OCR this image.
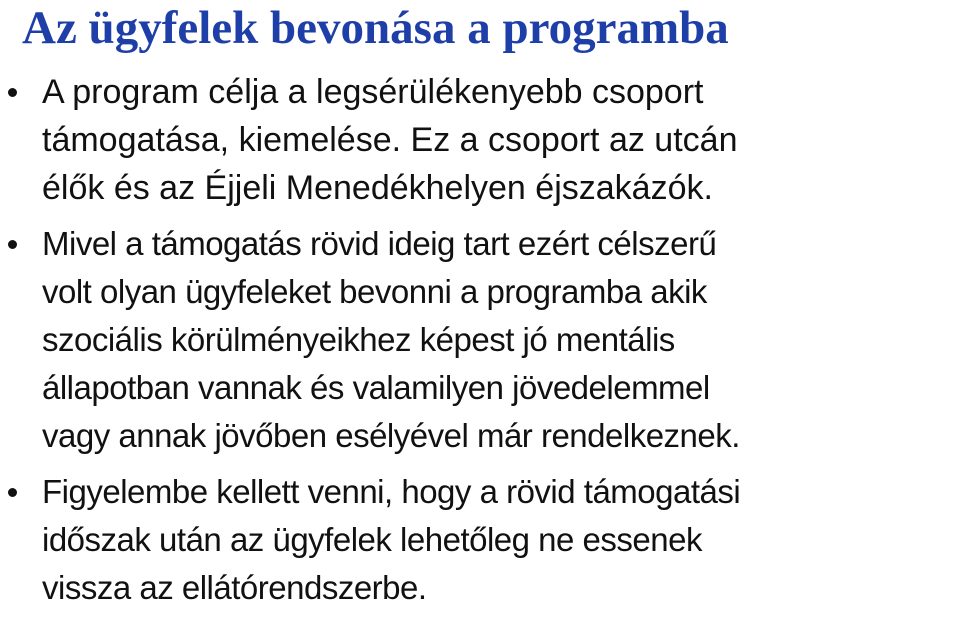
Az ügyfelek bevonása a programba
A program célja a legsérülékenyebb csoport
támogatása, kiemelése. Ez a csoport az utcán
élők és az Éjjeli Menedékhelyen éjszakázók.
Mivel a támogatás rövid ideig tart ezért célszerű
volt olyan ügyfeleket bevonni a programba akik
szociális körülményeikhez képest jó mentális
állapotban vannak és valamilyen jövedelemmel
vagy annak jövőben esélyével már rendelkeznek.
Figyelembe kellett venni, hogy a rövid támogatási
időszak után az ügyfelek lehetőleg ne essenek
vissza az ellátórendszerbe.
